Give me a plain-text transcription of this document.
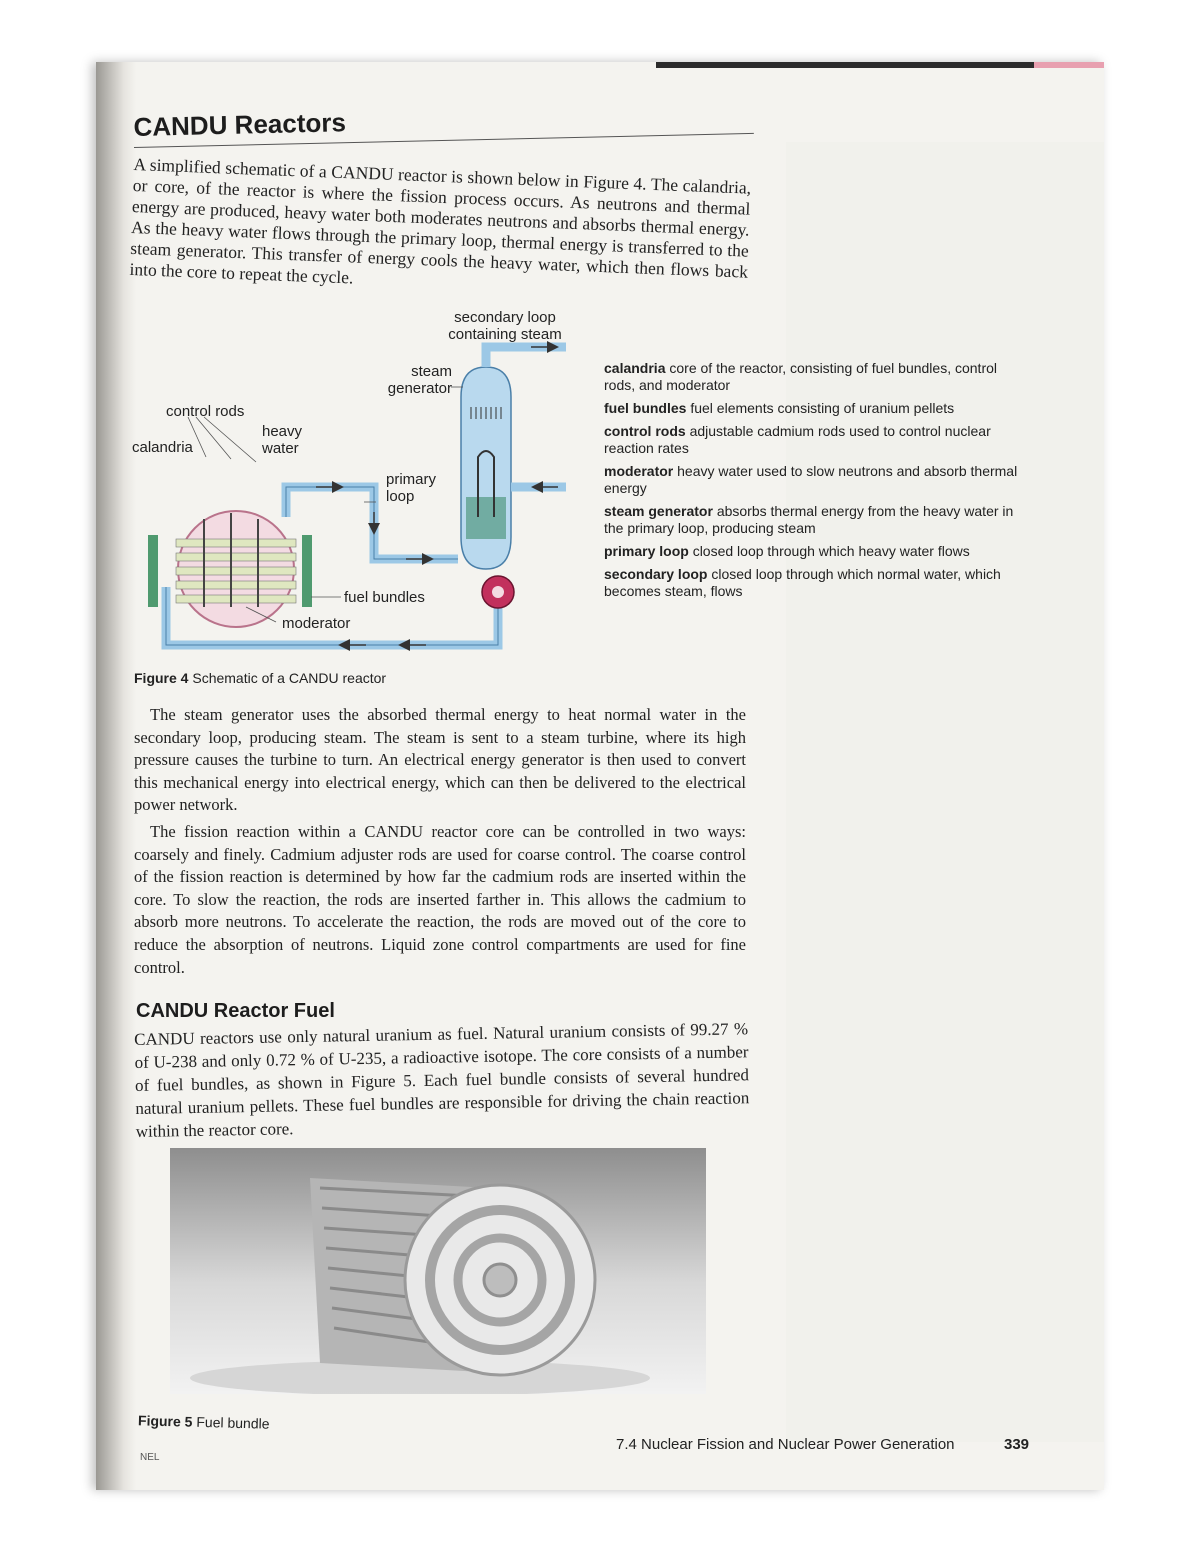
CANDU Reactors

A simplified schematic of a CANDU reactor is shown below in Figure 4. The calandria, or core, of the reactor is where the fission process occurs. As neutrons and thermal energy are produced, heavy water both moderates neutrons and absorbs thermal energy. As the heavy water flows through the primary loop, thermal energy is transferred to the steam generator. This transfer of energy cools the heavy water, which then flows back into the core to repeat the cycle.

secondary loop containing steam
steam generator
control rods
heavy water
calandria
primary loop
fuel bundles
moderator
calandria core of the reactor, consisting of fuel bundles, control rods, and moderator
fuel bundles fuel elements consisting of uranium pellets
control rods adjustable cadmium rods used to control nuclear reaction rates
moderator heavy water used to slow neutrons and absorb thermal energy
steam generator absorbs thermal energy from the heavy water in the primary loop, producing steam
primary loop closed loop through which heavy water flows
secondary loop closed loop through which normal water, which becomes steam, flows
Figure 4 Schematic of a CANDU reactor

The steam generator uses the absorbed thermal energy to heat normal water in the secondary loop, producing steam. The steam is sent to a steam turbine, where its high pressure causes the turbine to turn. An electrical energy generator is then used to convert this mechanical energy into electrical energy, which can then be delivered to the electrical power network.

The fission reaction within a CANDU reactor core can be controlled in two ways: coarsely and finely. Cadmium adjuster rods are used for coarse control. The coarse control of the fission reaction is determined by how far the cadmium rods are inserted within the core. To slow the reaction, the rods are inserted farther in. This allows the cadmium to absorb more neutrons. To accelerate the reaction, the rods are moved out of the core to reduce the absorption of neutrons. Liquid zone control compartments are used for fine control.

CANDU Reactor Fuel

CANDU reactors use only natural uranium as fuel. Natural uranium consists of 99.27 % of U-238 and only 0.72 % of U-235, a radioactive isotope. The core consists of a number of fuel bundles, as shown in Figure 5. Each fuel bundle consists of several hundred natural uranium pellets. These fuel bundles are responsible for driving the chain reaction within the reactor core.

Figure 5 Fuel bundle
NEL
7.4 Nuclear Fission and Nuclear Power Generation	339
